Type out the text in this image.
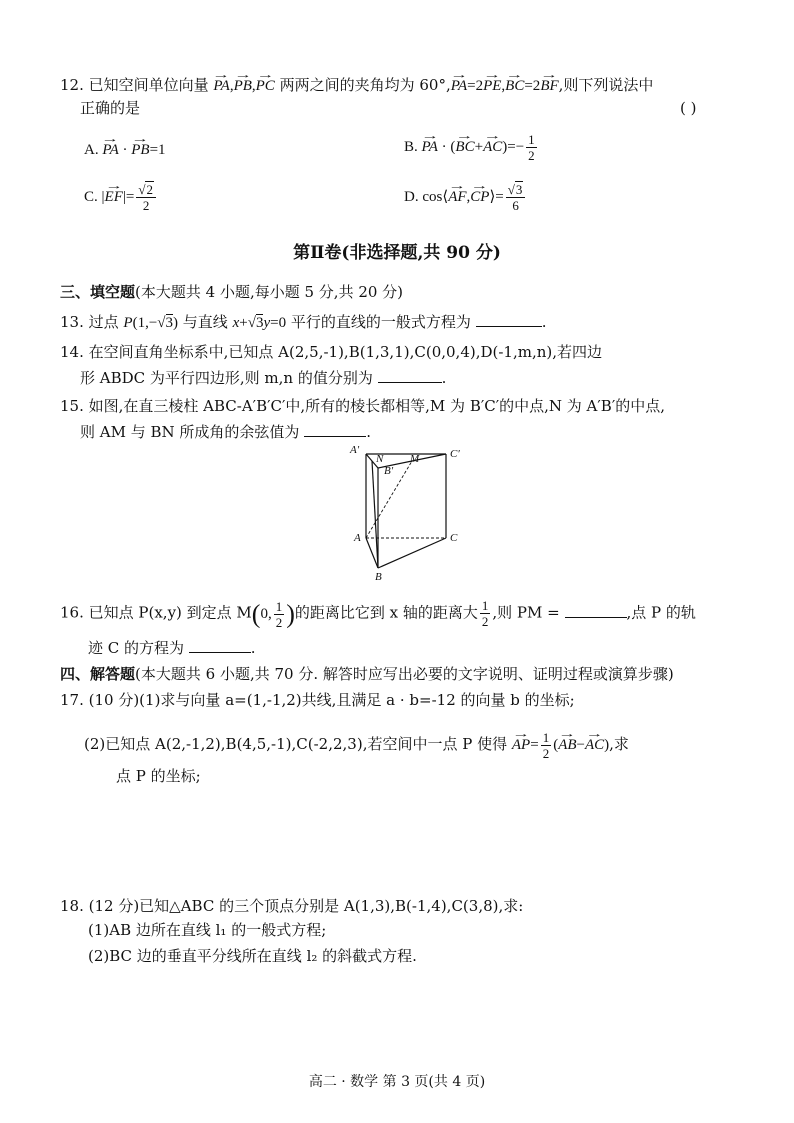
12. 已知空间单位向量 → PA,→ PB,→ PC 两两之间的夹角均为 60°,→ PA=2→ PE,→ BC=2→ BF,则下列说法中
正确的是	( )
A. → PA · → PB=1	B. → PA · (→ $BC+\to AC)=- \frac{1}{2}$
C. |→ $EF|= \frac{√2}{2}$	D. cos⟨→ AF,→ CP⟩= $\frac{√3}{6}$
第Ⅱ卷(非选择题,共 90 分)
三、填空题(本大题共 4 小题,每小题 5 分,共 20 分)
13. 过点 P(1,−√3) 与直线 x+√3y=0 平行的直线的一般式方程为	.
14. 在空间直角坐标系中,已知点 A(2,5,-1),B(1,3,1),C(0,0,4),D(-1,m,n),若四边
形 ABDC 为平行四边形,则 m,n 的值分别为	.
15. 如图,在直三棱柱 ABC-A′B′C′中,所有的棱长都相等,M 为 B′C′的中点,N 为 A′B′的中点,
则 AM 与 BN 所成角的余弦值为	.
A′
N M	C′
B′
A	C
B
16. 已知点 P(x,y) 到定点 M(0, $\frac{1}{2}$ )的距离比它到 x 轴的距离大 $\frac{1}{2}$ ,则 PM =	,点 P 的轨
迹 C 的方程为	.
四、解答题(本大题共 6 小题,共 70 分. 解答时应写出必要的文字说明、证明过程或演算步骤)
17. (10 分)(1)求与向量 a=(1,-1,2)共线,且满足 a · b=-12 的向量 b 的坐标;
(2)已知点 A(2,-1,2),B(4,5,-1),C(-2,2,3),若空间中一点 P 使得 → $AP= \frac{1}{2}$ (→ AB−→ AC),求
点 P 的坐标;
18. (12 分)已知△ABC 的三个顶点分别是 A(1,3),B(-1,4),C(3,8),求:
(1)AB 边所在直线 l₁ 的一般式方程;
(2)BC 边的垂直平分线所在直线 l₂ 的斜截式方程.
高二 · 数学 第 3 页(共 4 页)
